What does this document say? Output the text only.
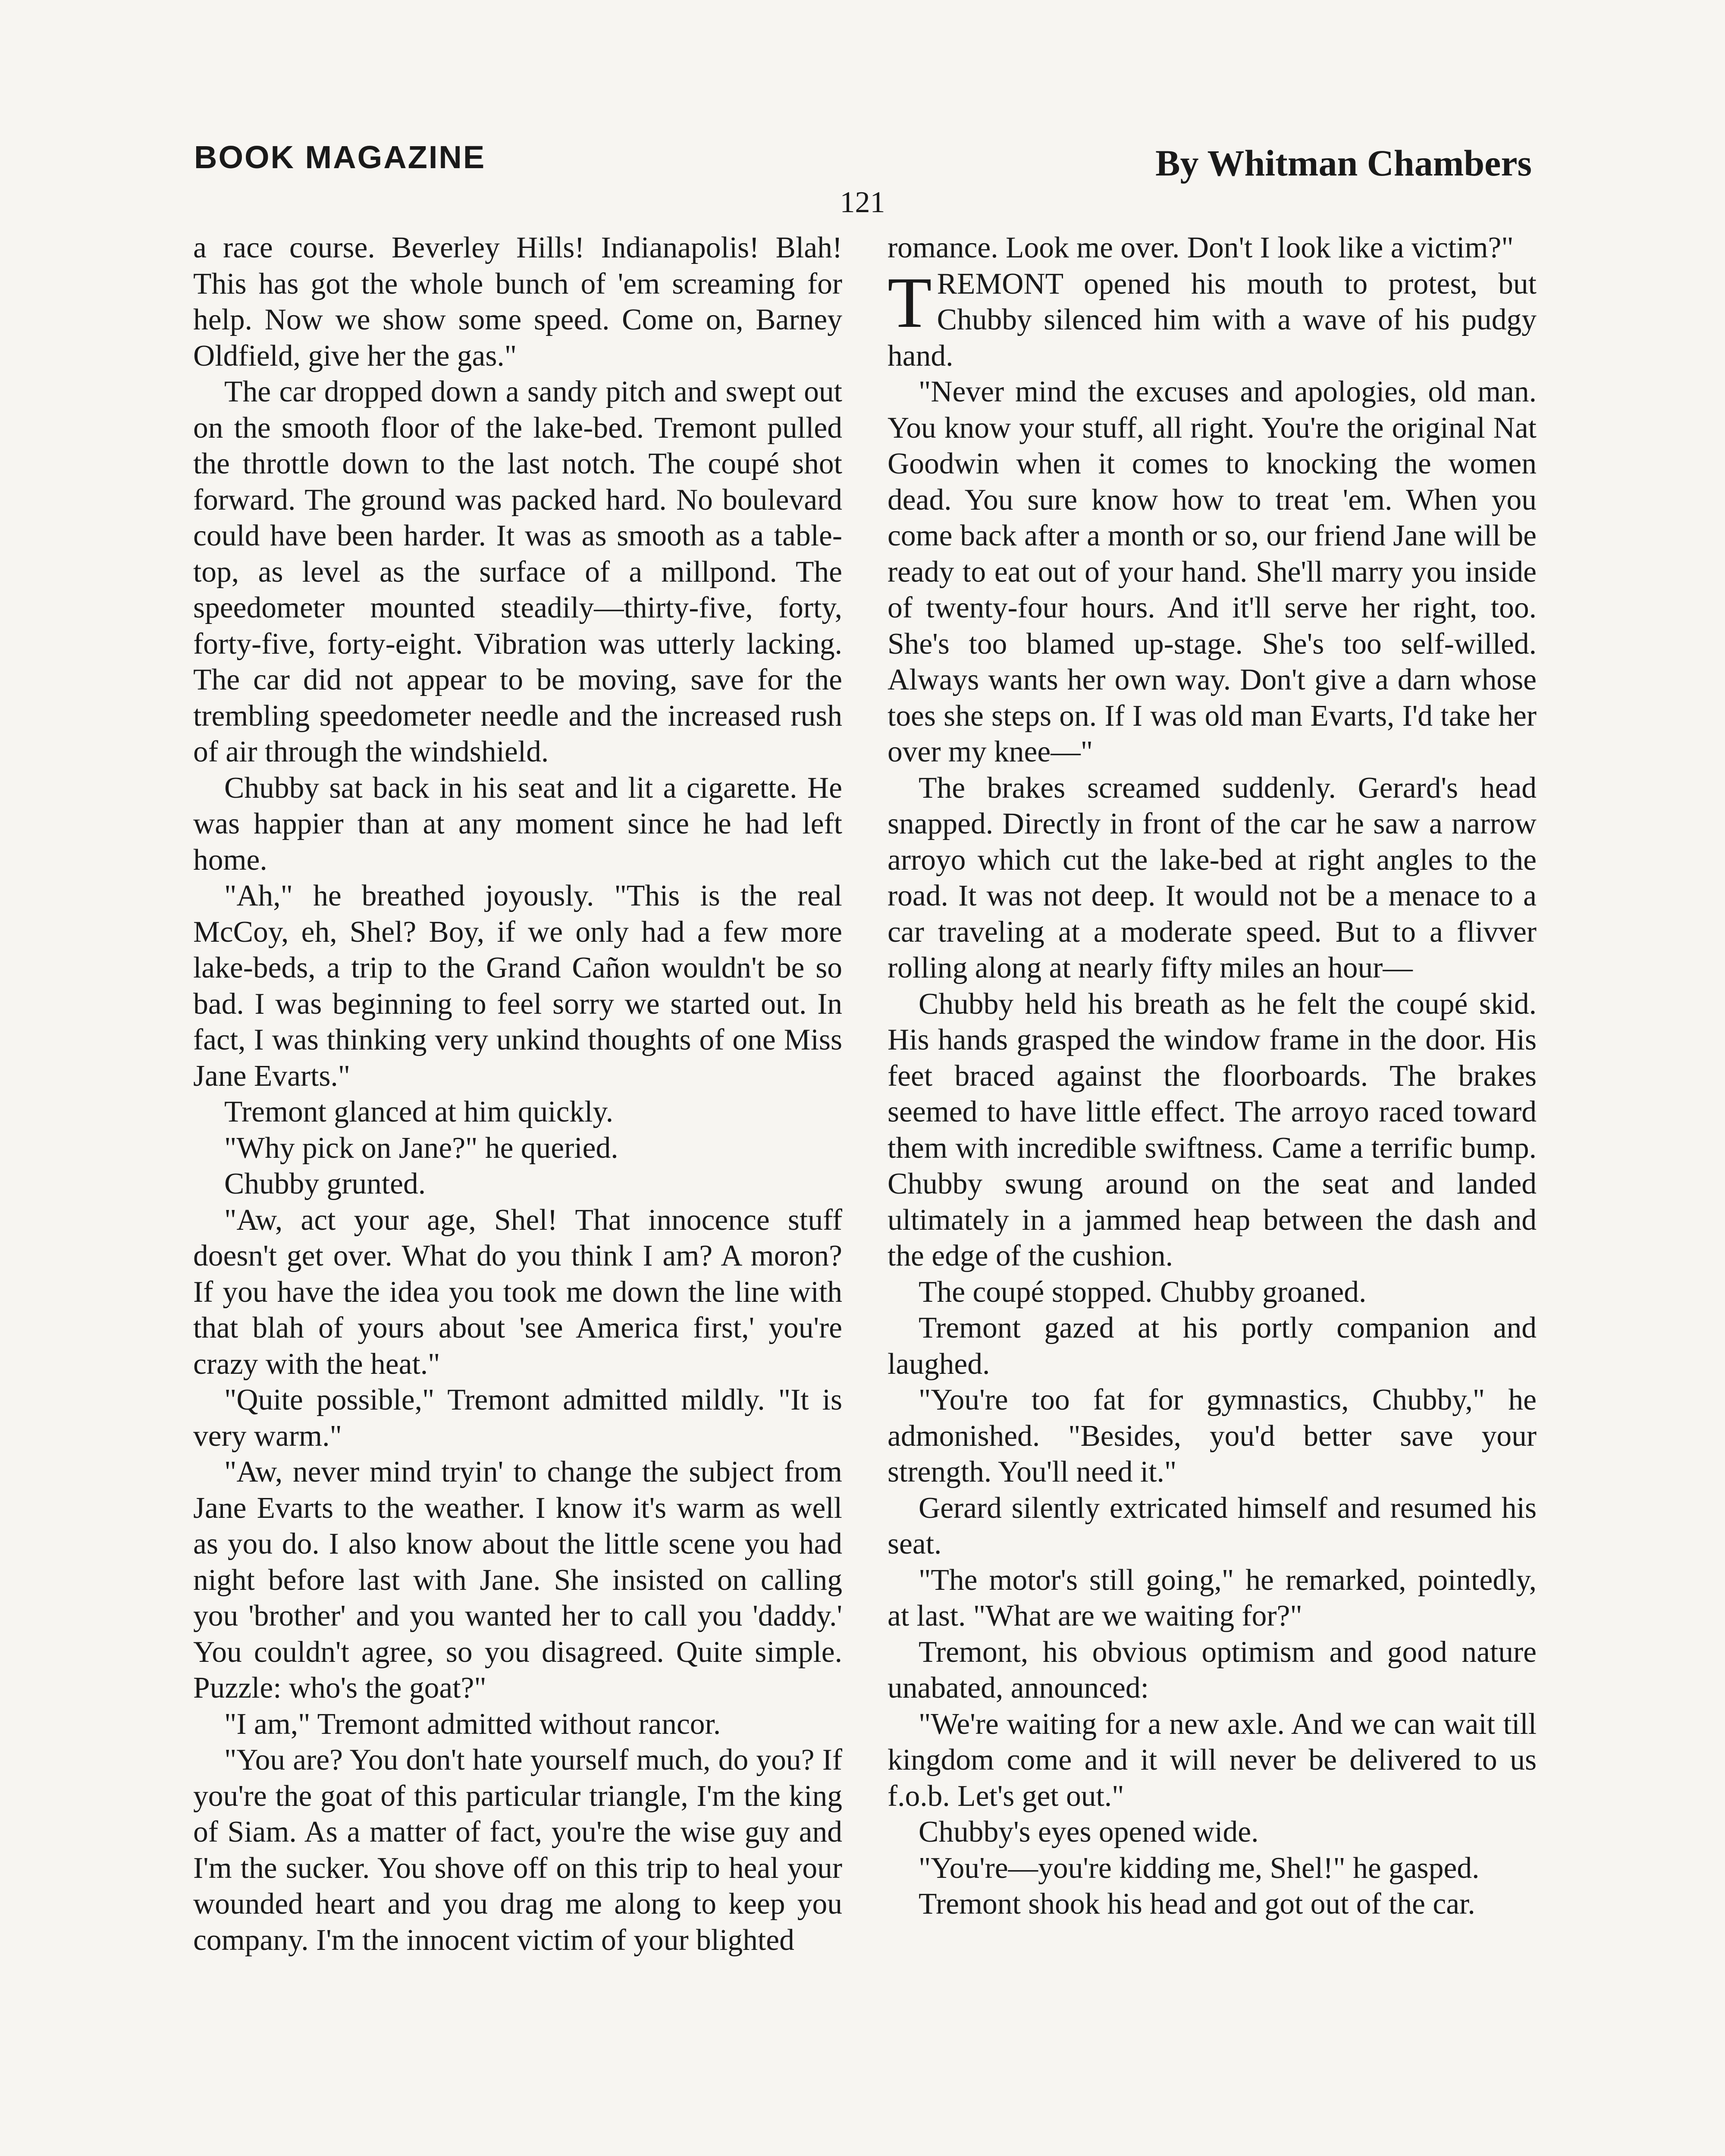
BOOK MAGAZINE	By Whitman Chambers
121

a race course. Beverley Hills! Indianapolis! Blah! This has got the whole bunch of 'em screaming for help. Now we show some speed. Come on, Barney Oldfield, give her the gas."

The car dropped down a sandy pitch and swept out on the smooth floor of the lake-bed. Tremont pulled the throttle down to the last notch. The coupé shot forward. The ground was packed hard. No boulevard could have been harder. It was as smooth as a table-top, as level as the surface of a millpond. The speedometer mounted steadily—thirty-five, forty, forty-five, forty-eight. Vibration was utterly lacking. The car did not appear to be moving, save for the trembling speedometer needle and the increased rush of air through the windshield.

Chubby sat back in his seat and lit a cigarette. He was happier than at any moment since he had left home.

"Ah," he breathed joyously. "This is the real McCoy, eh, Shel? Boy, if we only had a few more lake-beds, a trip to the Grand Cañon wouldn't be so bad. I was beginning to feel sorry we started out. In fact, I was thinking very unkind thoughts of one Miss Jane Evarts."

Tremont glanced at him quickly.

"Why pick on Jane?" he queried.

Chubby grunted.

"Aw, act your age, Shel! That innocence stuff doesn't get over. What do you think I am? A moron? If you have the idea you took me down the line with that blah of yours about 'see America first,' you're crazy with the heat."

"Quite possible," Tremont admitted mildly. "It is very warm."

"Aw, never mind tryin' to change the subject from Jane Evarts to the weather. I know it's warm as well as you do. I also know about the little scene you had night before last with Jane. She insisted on calling you 'brother' and you wanted her to call you 'daddy.' You couldn't agree, so you disagreed. Quite simple. Puzzle: who's the goat?"

"I am," Tremont admitted without rancor.

"You are? You don't hate yourself much, do you? If you're the goat of this particular triangle, I'm the king of Siam. As a matter of fact, you're the wise guy and I'm the sucker. You shove off on this trip to heal your wounded heart and you drag me along to keep you company. I'm the innocent victim of your blighted

romance. Look me over. Don't I look like a victim?"

TREMONT opened his mouth to protest, but Chubby silenced him with a wave of his pudgy hand.

"Never mind the excuses and apologies, old man. You know your stuff, all right. You're the original Nat Goodwin when it comes to knocking the women dead. You sure know how to treat 'em. When you come back after a month or so, our friend Jane will be ready to eat out of your hand. She'll marry you inside of twenty-four hours. And it'll serve her right, too. She's too blamed up-stage. She's too self-willed. Always wants her own way. Don't give a darn whose toes she steps on. If I was old man Evarts, I'd take her over my knee—"

The brakes screamed suddenly. Gerard's head snapped. Directly in front of the car he saw a narrow arroyo which cut the lake-bed at right angles to the road. It was not deep. It would not be a menace to a car traveling at a moderate speed. But to a flivver rolling along at nearly fifty miles an hour—

Chubby held his breath as he felt the coupé skid. His hands grasped the window frame in the door. His feet braced against the floorboards. The brakes seemed to have little effect. The arroyo raced toward them with incredible swiftness. Came a terrific bump. Chubby swung around on the seat and landed ultimately in a jammed heap between the dash and the edge of the cushion.

The coupé stopped. Chubby groaned.

Tremont gazed at his portly companion and laughed.

"You're too fat for gymnastics, Chubby," he admonished. "Besides, you'd better save your strength. You'll need it."

Gerard silently extricated himself and resumed his seat.

"The motor's still going," he remarked, pointedly, at last. "What are we waiting for?"

Tremont, his obvious optimism and good nature unabated, announced:

"We're waiting for a new axle. And we can wait till kingdom come and it will never be delivered to us f.o.b. Let's get out."

Chubby's eyes opened wide.

"You're—you're kidding me, Shel!" he gasped.

Tremont shook his head and got out of the car.
